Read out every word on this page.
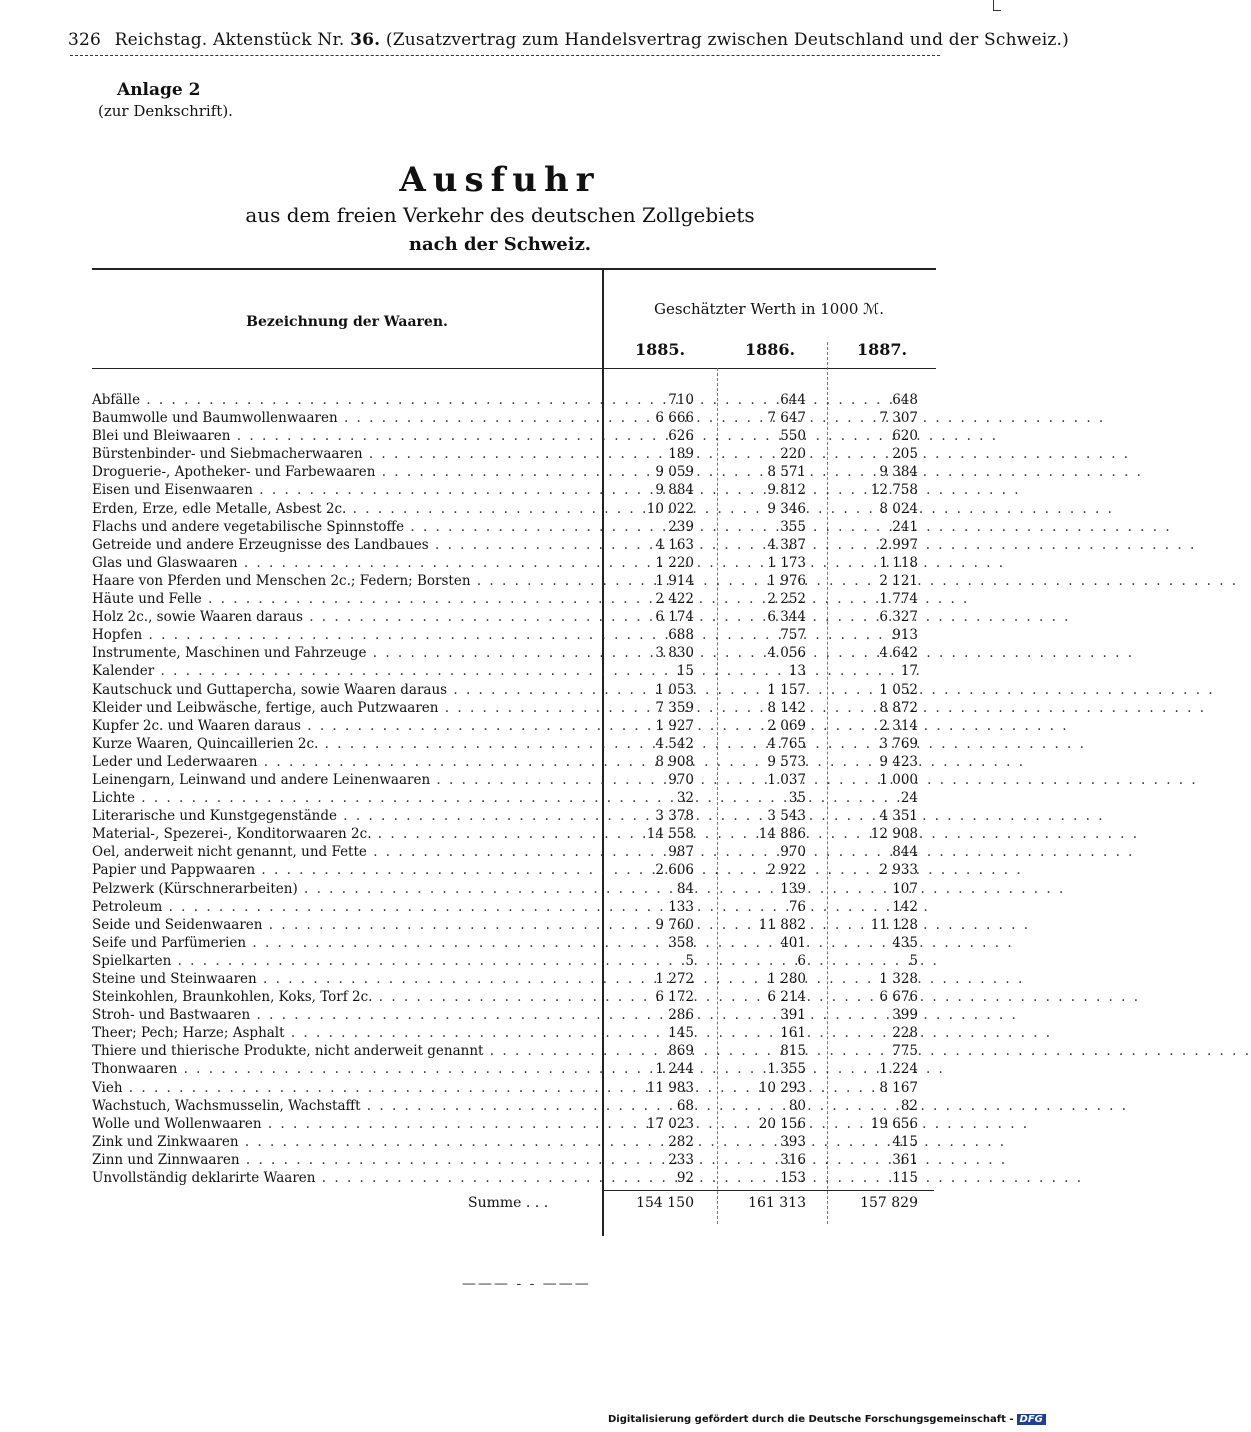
326 Reichstag. Aktenstück Nr. 36. (Zusatzvertrag zum Handelsvertrag zwischen Deutschland und der Schweiz.)
Anlage 2
(zur Denkschrift).
Ausfuhr
aus dem freien Verkehr des deutschen Zollgebiets
nach der Schweiz.
Bezeichnung der Waaren.
Geschätzter Werth in 1000 ℳ.
1885.	1886.	1887.
Abfälle . . .	710	644	648
Baumwolle und Baumwollenwaaren . . .	6 666	7 647	7 307
Blei und Bleiwaaren . . .	626	550	620
Bürstenbinder- und Siebmacherwaaren . . .	189	220	205
Droguerie-, Apotheker- und Farbewaaren . . .	9 059	8 571	9 384
Eisen und Eisenwaaren . . .	9 884	9 812	12 758
Erden, Erze, edle Metalle, Asbest 2c. . . .	10 022	9 346	8 024
Flachs und andere vegetabilische Spinnstoffe . . .	239	355	241
Getreide und andere Erzeugnisse des Landbaues . . .	4 163	4 387	2 997
Glas und Glaswaaren . . .	1 220	1 173	1 118
Haare von Pferden und Menschen 2c.; Federn; Borsten . . .	1 914	1 976	2 121
Häute und Felle . . .	2 422	2 252	1 774
Holz 2c., sowie Waaren daraus . . .	6 174	6 344	6 327
Hopfen . . .	688	757	913
Instrumente, Maschinen und Fahrzeuge . . .	3 830	4 056	4 642
Kalender . . .	15	13	17
Kautschuck und Guttapercha, sowie Waaren daraus . . .	1 053	1 157	1 052
Kleider und Leibwäsche, fertige, auch Putzwaaren . . .	7 359	8 142	8 872
Kupfer 2c. und Waaren daraus . . .	1 927	2 069	2 314
Kurze Waaren, Quincaillerien 2c. . . .	4 542	4 765	3 769
Leder und Lederwaaren . . .	8 908	9 573	9 423
Leinengarn, Leinwand und andere Leinenwaaren . . .	970	1 037	1 000
Lichte . . .	32	35	24
Literarische und Kunstgegenstände . . .	3 378	3 543	4 351
Material-, Spezerei-, Konditorwaaren 2c. . . .	14 558	14 886	12 908
Oel, anderweit nicht genannt, und Fette . . .	987	970	844
Papier und Pappwaaren . . .	2 606	2 922	2 933
Pelzwerk (Kürschnerarbeiten) . . .	84	139	107
Petroleum . . .	133	76	142
Seide und Seidenwaaren . . .	9 760	11 882	11 128
Seife und Parfümerien . . .	358	401	435
Spielkarten . . .	5	6	5
Steine und Steinwaaren . . .	1 272	1 280	1 328
Steinkohlen, Braunkohlen, Koks, Torf 2c. . . .	6 172	6 214	6 676
Stroh- und Bastwaaren . . .	286	391	399
Theer; Pech; Harze; Asphalt . . .	145	161	228
Thiere und thierische Produkte, nicht anderweit genannt . . .	869	815	775
Thonwaaren . . .	1 244	1 355	1 224
Vieh . . .	11 983	10 293	8 167
Wachstuch, Wachsmusselin, Wachstafft . . .	68	80	82
Wolle und Wollenwaaren . . .	17 023	20 156	19 656
Zink und Zinkwaaren . . .	282	393	415
Zinn und Zinnwaaren . . .	233	316	361
Unvollständig deklarirte Waaren . . .	92	153	115
Summe . .	154 150	161 313	157 829
——— - - ———
Digitalisierung gefördert durch die Deutsche Forschungsgemeinschaft - DFG
